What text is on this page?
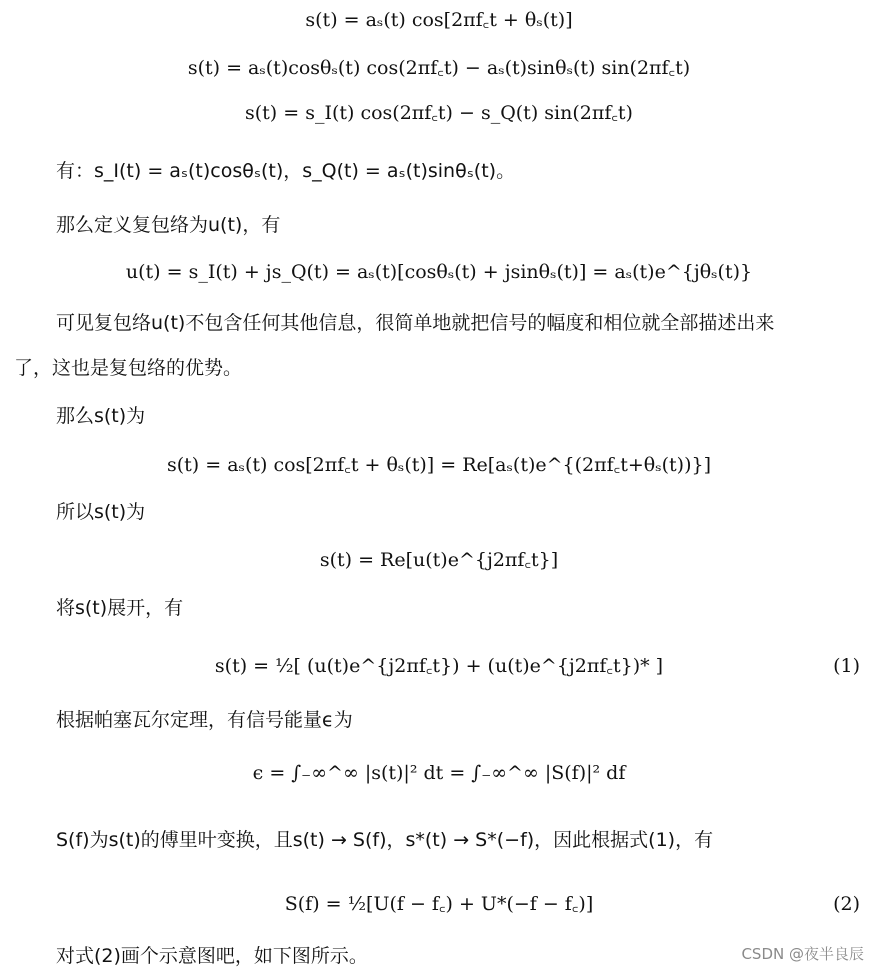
s(t) = aₛ(t) cos[2πf꜀t + θₛ(t)]
s(t) = aₛ(t)cosθₛ(t) cos(2πf꜀t) − aₛ(t)sinθₛ(t) sin(2πf꜀t)
s(t) = s_I(t) cos(2πf꜀t) − s_Q(t) sin(2πf꜀t)
有：s_I(t) = aₛ(t)cosθₛ(t)，s_Q(t) = aₛ(t)sinθₛ(t)。
那么定义复包络为u(t)，有
u(t) = s_I(t) + js_Q(t) = aₛ(t)[cosθₛ(t) + jsinθₛ(t)] = aₛ(t)e^{jθₛ(t)}
可见复包络u(t)不包含任何其他信息，很简单地就把信号的幅度和相位就全部描述出来
了，这也是复包络的优势。
那么s(t)为
s(t) = aₛ(t) cos[2πf꜀t + θₛ(t)] = Re[aₛ(t)e^{(2πf꜀t+θₛ(t))}]
所以s(t)为
s(t) = Re[u(t)e^{j2πf꜀t}]
将s(t)展开，有
s(t) = ½[ (u(t)e^{j2πf꜀t}) + (u(t)e^{j2πf꜀t})* ]	(1)
根据帕塞瓦尔定理，有信号能量ϵ为
ϵ = ∫₋∞^∞ |s(t)|² dt = ∫₋∞^∞ |S(f)|² df
S(f)为s(t)的傅里叶变换，且s(t) → S(f)，s*(t) → S*(−f)，因此根据式(1)，有
S(f) = ½[U(f − f꜀) + U*(−f − f꜀)]	(2)
对式(2)画个示意图吧，如下图所示。	CSDN @夜半良辰
